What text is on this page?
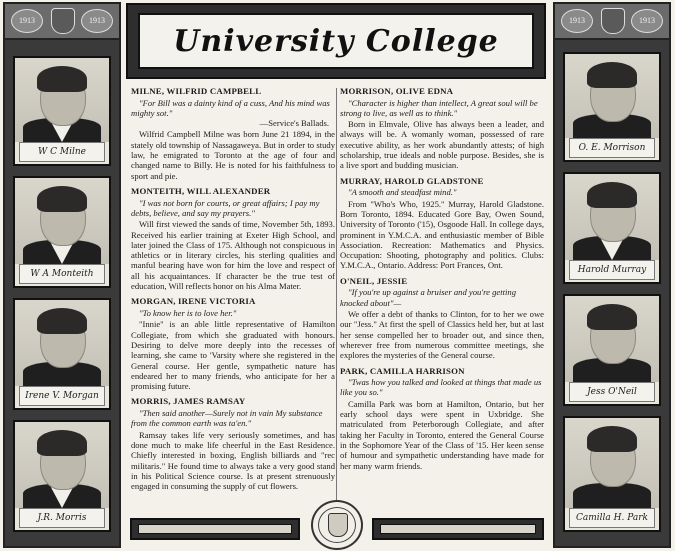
1913	1913
W C Milne
W A Monteith
Irene V. Morgan
J.R. Morris
1913	1913
O. E. Morrison
Harold Murray
Jess O'Neil
Camilla H. Park
University College

MILNE, WILFRID CAMPBELL

"For Bill was a dainty kind of a cuss, And his mind was mighty sot."

—Service's Ballads.

Wilfrid Campbell Milne was born June 21 1894, in the stately old township of Nassagaweya. But in order to study law, he emigrated to Toronto at the age of four and changed name to Billy. He is noted for his faithfulness to sport and pie.

MONTEITH, WILL ALEXANDER

"I was not born for courts, or great affairs; I pay my debts, believe, and say my prayers."

Will first viewed the sands of time, November 5th, 1893. Received his earlier training at Exeter High School, and later joined the Class of 175. Although not conspicuous in athletics or in literary circles, his sterling qualities and manful bearing have won for him the love and respect of all his acquaintances. If character be the true test of education, Will reflects honor on his Alma Mater.

MORGAN, IRENE VICTORIA

"To know her is to love her."

"Innie" is an able little representative of Hamilton Collegiate, from which she graduated with honours. Desiring to delve more deeply into the recesses of learning, she came to 'Varsity where she registered in the General course. Her gentle, sympathetic nature has endeared her to many friends, who anticipate for her a promising future.

MORRIS, JAMES RAMSAY

"Then said another—Surely not in vain My substance from the common earth was ta'en."

Ramsay takes life very seriously sometimes, and has done much to make life cheerful in the East Residence. Chiefly interested in boxing, English billiards and "rec militaris." He found time to always take a very good stand in his Political Science course. Is at present strenuously engaged in consuming the supply of cut flowers.

MORRISON, OLIVE EDNA

"Character is higher than intellect, A great soul will be strong to live, as well as to think."

Born in Elmvale, Olive has always been a leader, and always will be. A womanly woman, possessed of rare executive ability, as her work abundantly attests; of high scholarship, true ideals and noble purpose. Besides, she is a live sport and budding musician.

MURRAY, HAROLD GLADSTONE

"A smooth and steadfast mind."

From "Who's Who, 1925." Murray, Harold Gladstone. Born Toronto, 1894. Educated Gore Bay, Owen Sound, University of Toronto ('15), Osgoode Hall. In college days, prominent in Y.M.C.A. and enthusiastic member of Bible Association. Recreation: Mathematics and Physics. Occupation: Shooting, photography and politics. Clubs: Y.M.C.A., Ontario. Address: Port Frances, Ont.

O'NEIL, JESSIE

"If you're up against a bruiser and you're getting knocked about"—

We offer a debt of thanks to Clinton, for to her we owe our "Jess." At first the spell of Classics held her, but at last her sense compelled her to broader out, and since then, wherever free from numerous committee meetings, she explores the mysteries of the General course.

PARK, CAMILLA HARRISON

"Twas how you talked and looked at things that made us like you so."

Camilla Park was born at Hamilton, Ontario, but her early school days were spent in Uxbridge. She matriculated from Peterborough Collegiate, and after taking her Faculty in Toronto, entered the General Course in the Sophomore Year of the Class of '15. Her keen sense of humour and sympathetic understanding have made for her many warm friends.
